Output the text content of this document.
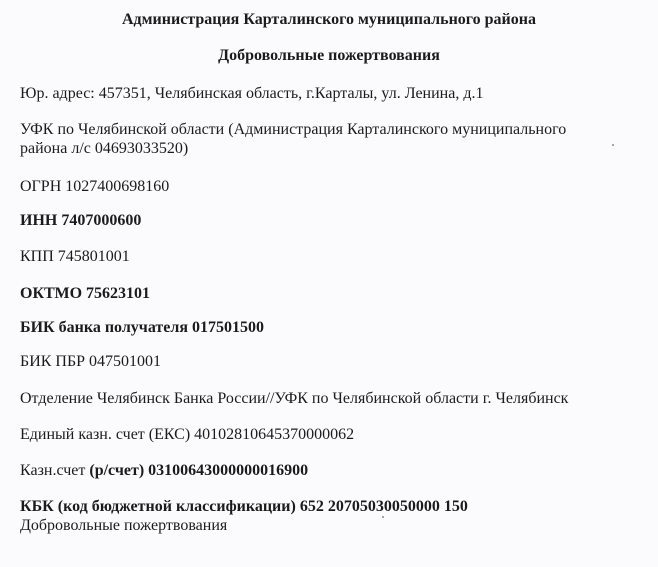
Администрация Карталинского муниципального района
Добровольные пожертвования
Юр. адрес: 457351, Челябинская область, г.Карталы, ул. Ленина, д.1
УФК по Челябинской области (Администрация Карталинского муниципального
района л/с 04693033520)
ОГРН 1027400698160
ИНН 7407000600
КПП 745801001
ОКТМО 75623101
БИК банка получателя 017501500
БИК ПБР 047501001
Отделение Челябинск Банка России//УФК по Челябинской области г. Челябинск
Единый казн. счет (ЕКС) 40102810645370000062
Казн.счет (р/счет) 03100643000000016900
КБК (код бюджетной классификации) 652 20705030050000 150
Добровольные пожертвования
